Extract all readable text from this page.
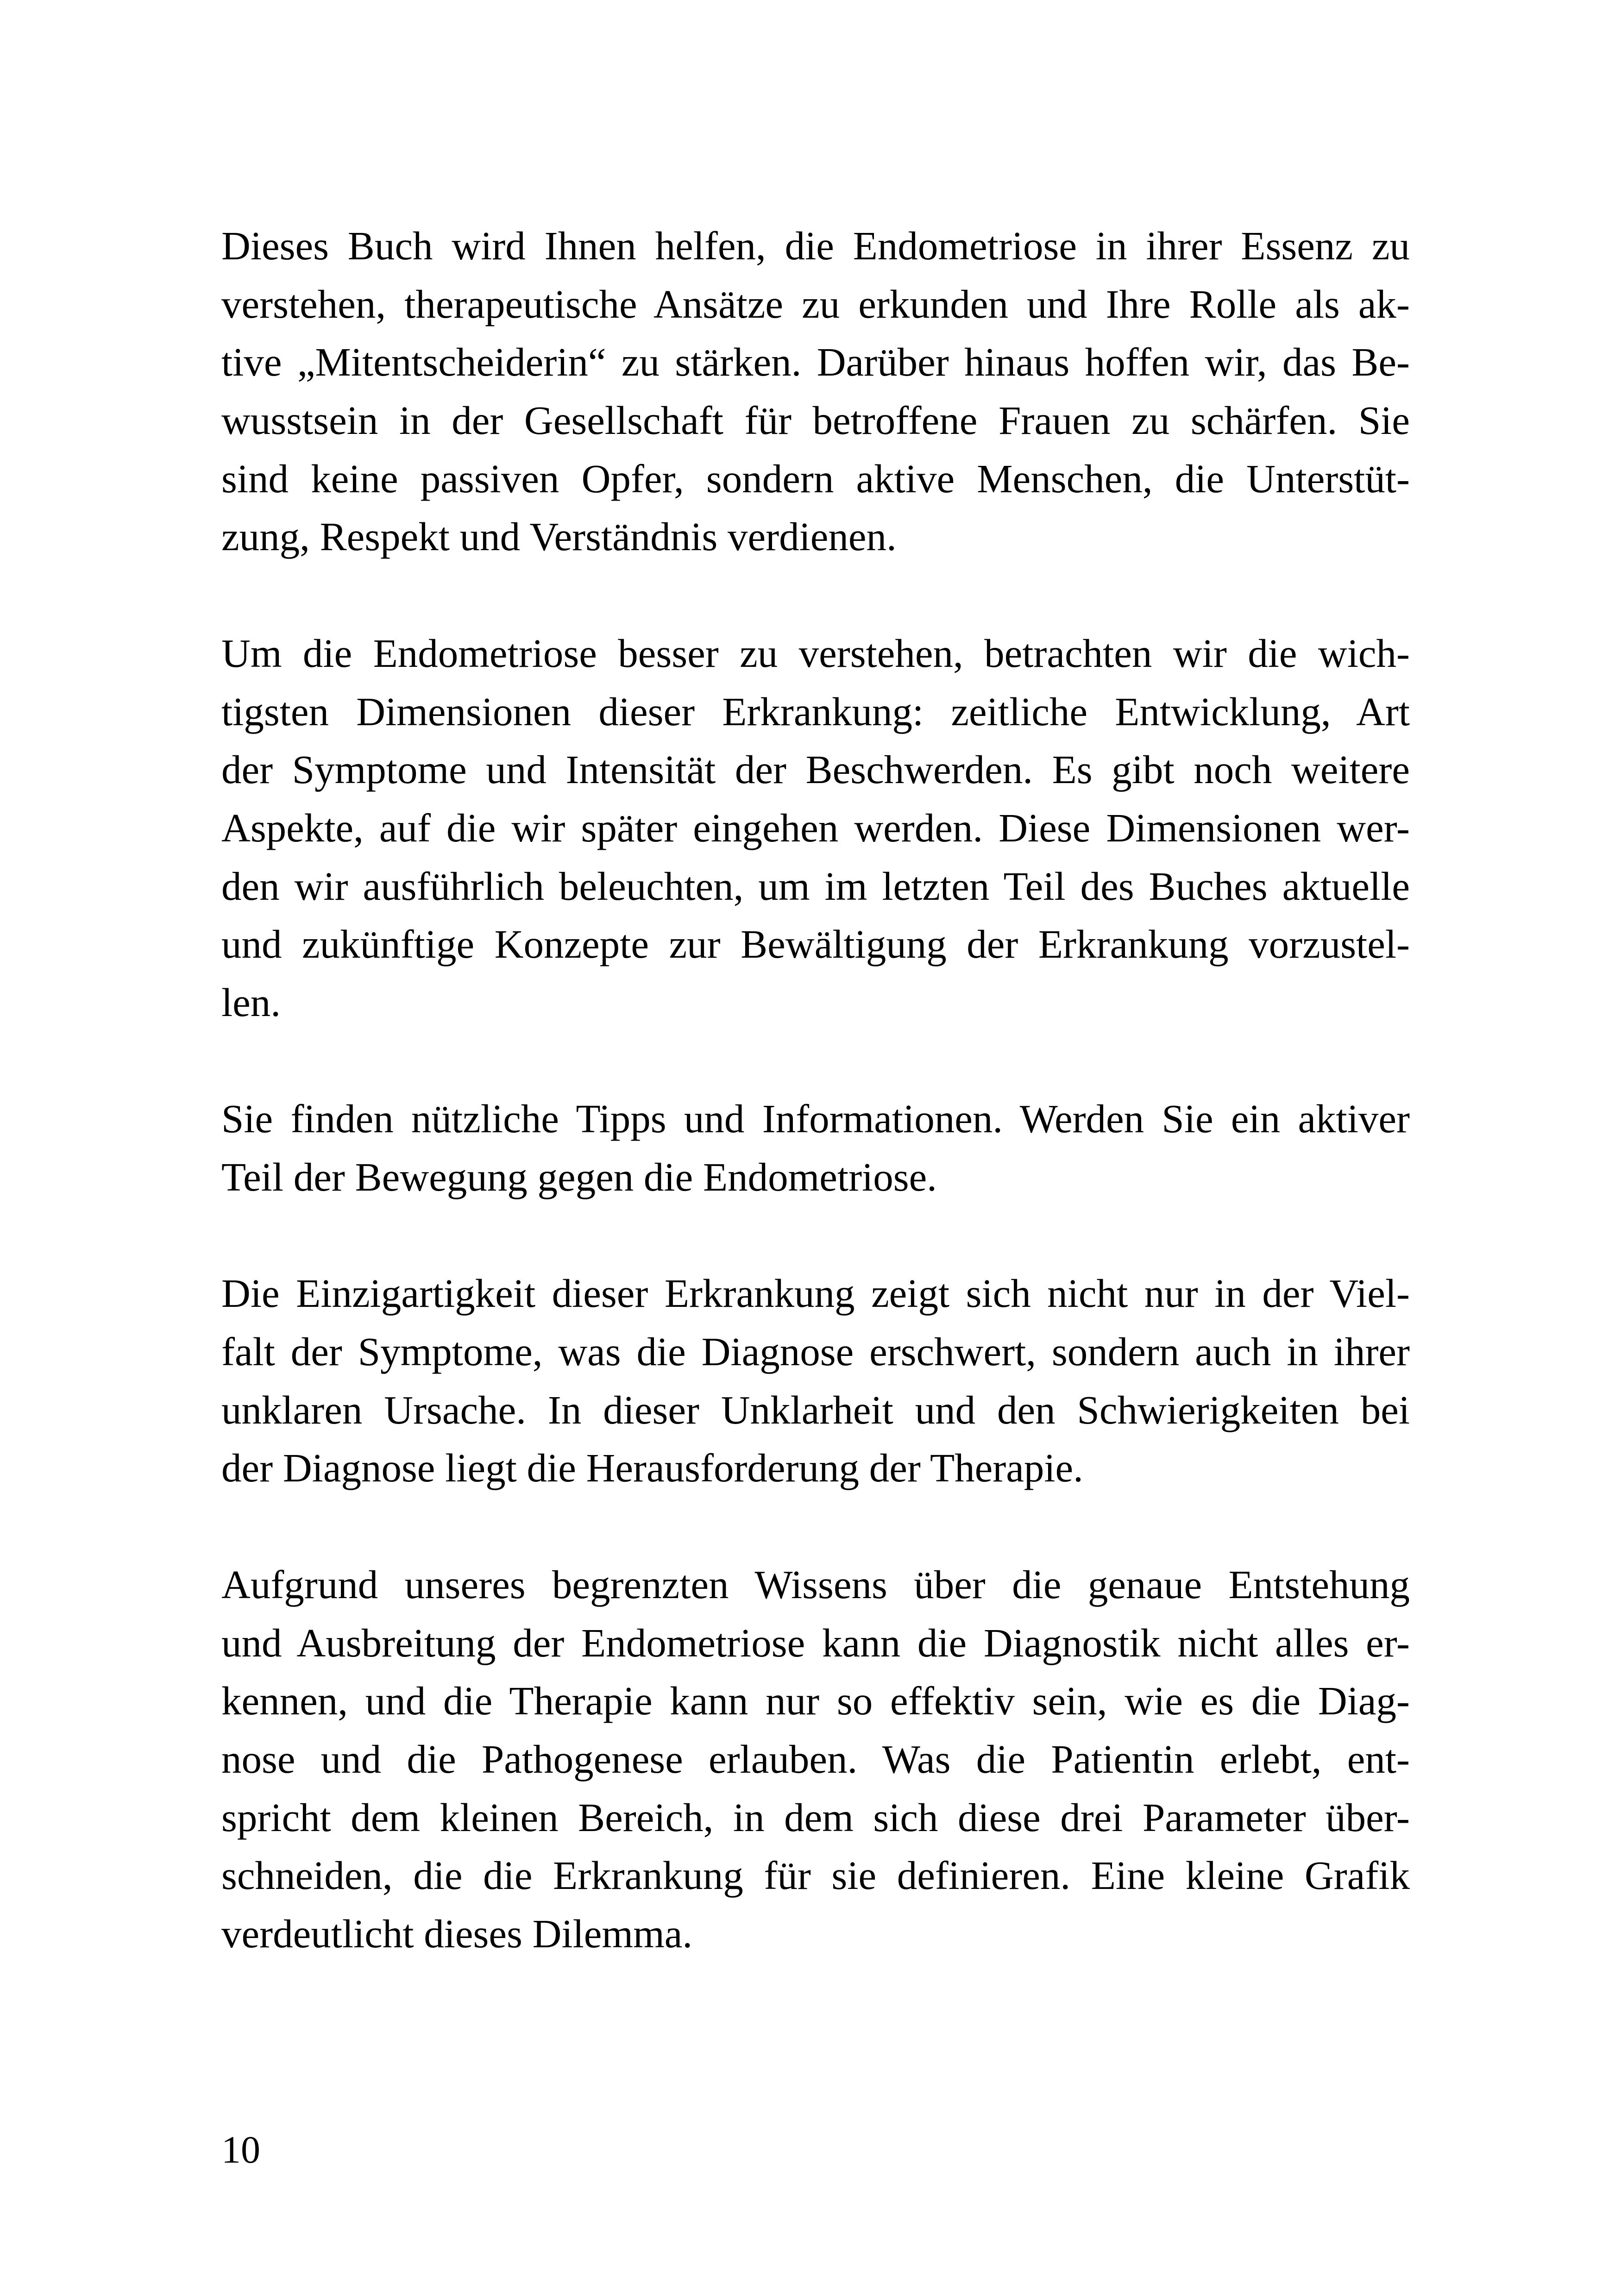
Dieses Buch wird Ihnen helfen, die Endometriose in ihrer Essenz zu
verstehen, therapeutische Ansätze zu erkunden und Ihre Rolle als ak-
tive „Mitentscheiderin“ zu stärken. Darüber hinaus hoffen wir, das Be-
wusstsein in der Gesellschaft für betroffene Frauen zu schärfen. Sie
sind keine passiven Opfer, sondern aktive Menschen, die Unterstüt-
zung, Respekt und Verständnis verdienen.

Um die Endometriose besser zu verstehen, betrachten wir die wich-
tigsten Dimensionen dieser Erkrankung: zeitliche Entwicklung, Art
der Symptome und Intensität der Beschwerden. Es gibt noch weitere
Aspekte, auf die wir später eingehen werden. Diese Dimensionen wer-
den wir ausführlich beleuchten, um im letzten Teil des Buches aktuelle
und zukünftige Konzepte zur Bewältigung der Erkrankung vorzustel-
len.

Sie finden nützliche Tipps und Informationen. Werden Sie ein aktiver
Teil der Bewegung gegen die Endometriose.

Die Einzigartigkeit dieser Erkrankung zeigt sich nicht nur in der Viel-
falt der Symptome, was die Diagnose erschwert, sondern auch in ihrer
unklaren Ursache. In dieser Unklarheit und den Schwierigkeiten bei
der Diagnose liegt die Herausforderung der Therapie.

Aufgrund unseres begrenzten Wissens über die genaue Entstehung
und Ausbreitung der Endometriose kann die Diagnostik nicht alles er-
kennen, und die Therapie kann nur so effektiv sein, wie es die Diag-
nose und die Pathogenese erlauben. Was die Patientin erlebt, ent-
spricht dem kleinen Bereich, in dem sich diese drei Parameter über-
schneiden, die die Erkrankung für sie definieren. Eine kleine Grafik
verdeutlicht dieses Dilemma.

10
